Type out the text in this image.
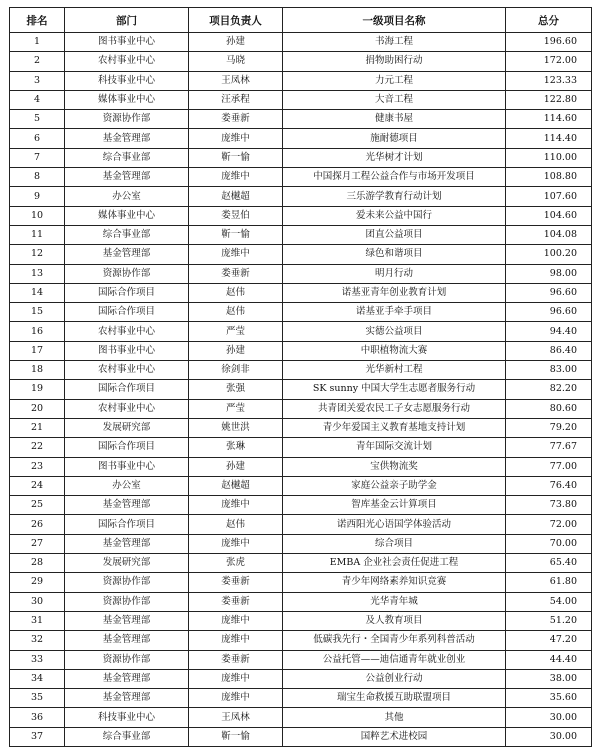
排名	部门	项目负责人	一级项目名称	总分
1	图书事业中心	孙建	书海工程	196.60
2	农村事业中心	马晓	捐物助困行动	172.00
3	科技事业中心	王凤林	力元工程	123.33
4	媒体事业中心	汪承程	大音工程	122.80
5	资源协作部	娄垂新	健康书屋	114.60
6	基金管理部	庞维中	施耐德项目	114.40
7	综合事业部	靳一愉	光华树才计划	110.00
8	基金管理部	庞维中	中国探月工程公益合作与市场开发项目	108.80
9	办公室	赵樾超	三乐游学教育行动计划	107.60
10	媒体事业中心	娄昱伯	爱未来公益中国行	104.60
11	综合事业部	靳一愉	团直公益项目	104.08
12	基金管理部	庞维中	绿色和谐项目	100.20
13	资源协作部	娄垂新	明月行动	98.00
14	国际合作项目	赵伟	诺基亚青年创业教育计划	96.60
15	国际合作项目	赵伟	诺基亚手牵手项目	96.60
16	农村事业中心	严莹	实德公益项目	94.40
17	图书事业中心	孙建	中职植物流大赛	86.40
18	农村事业中心	徐剑非	光华新村工程	83.00
19	国际合作项目	张强	SK sunny 中国大学生志愿者服务行动	82.20
20	农村事业中心	严莹	共青团关爱农民工子女志愿服务行动	80.60
21	发展研究部	姚世洪	青少年爱国主义教育基地支持计划	79.20
22	国际合作项目	张琳	青年国际交流计划	77.67
23	图书事业中心	孙建	宝供物流奖	77.00
24	办公室	赵樾超	家庭公益亲子助学金	76.40
25	基金管理部	庞维中	智库基金云计算项目	73.80
26	国际合作项目	赵伟	诺西阳光心语国学体验活动	72.00
27	基金管理部	庞维中	综合项目	70.00
28	发展研究部	张虎	EMBA 企业社会责任促进工程	65.40
29	资源协作部	娄垂新	青少年网络素养知识竞赛	61.80
30	资源协作部	娄垂新	光华青年城	54.00
31	基金管理部	庞维中	及人教育项目	51.20
32	基金管理部	庞维中	低碳我先行・全国青少年系列科普活动	47.20
33	资源协作部	娄垂新	公益托管——迪信通青年就业创业	44.40
34	基金管理部	庞维中	公益创业行动	38.00
35	基金管理部	庞维中	瑞宝生命救援互助联盟项目	35.60
36	科技事业中心	王凤林	其他	30.00
37	综合事业部	靳一愉	国粹艺术进校园	30.00
